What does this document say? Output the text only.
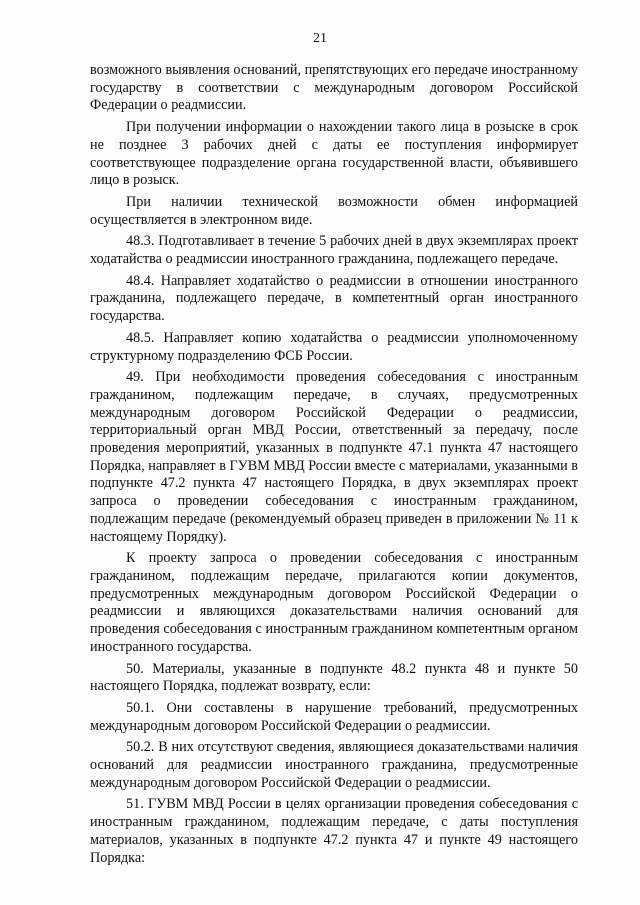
21

возможного выявления оснований, препятствующих его передаче иностранному государству в соответствии с международным договором Российской Федерации о реадмиссии.

При получении информации о нахождении такого лица в розыске в срок не позднее 3 рабочих дней с даты ее поступления информирует соответствующее подразделение органа государственной власти, объявившего лицо в розыск.

При наличии технической возможности обмен информацией осуществляется в электронном виде.

48.3. Подготавливает в течение 5 рабочих дней в двух экземплярах проект ходатайства о реадмиссии иностранного гражданина, подлежащего передаче.

48.4. Направляет ходатайство о реадмиссии в отношении иностранного гражданина, подлежащего передаче, в компетентный орган иностранного государства.

48.5. Направляет копию ходатайства о реадмиссии уполномоченному структурному подразделению ФСБ России.

49. При необходимости проведения собеседования с иностранным гражданином, подлежащим передаче, в случаях, предусмотренных международным договором Российской Федерации о реадмиссии, территориальный орган МВД России, ответственный за передачу, после проведения мероприятий, указанных в подпункте 47.1 пункта 47 настоящего Порядка, направляет в ГУВМ МВД России вместе с материалами, указанными в подпункте 47.2 пункта 47 настоящего Порядка, в двух экземплярах проект запроса о проведении собеседования с иностранным гражданином, подлежащим передаче (рекомендуемый образец приведен в приложении № 11 к настоящему Порядку).

К проекту запроса о проведении собеседования с иностранным гражданином, подлежащим передаче, прилагаются копии документов, предусмотренных международным договором Российской Федерации о реадмиссии и являющихся доказательствами наличия оснований для проведения собеседования с иностранным гражданином компетентным органом иностранного государства.

50. Материалы, указанные в подпункте 48.2 пункта 48 и пункте 50 настоящего Порядка, подлежат возврату, если:

50.1. Они составлены в нарушение требований, предусмотренных международным договором Российской Федерации о реадмиссии.

50.2. В них отсутствуют сведения, являющиеся доказательствами наличия оснований для реадмиссии иностранного гражданина, предусмотренные международным договором Российской Федерации о реадмиссии.

51. ГУВМ МВД России в целях организации проведения собеседования с иностранным гражданином, подлежащим передаче, с даты поступления материалов, указанных в подпункте 47.2 пункта 47 и пункте 49 настоящего Порядка:
